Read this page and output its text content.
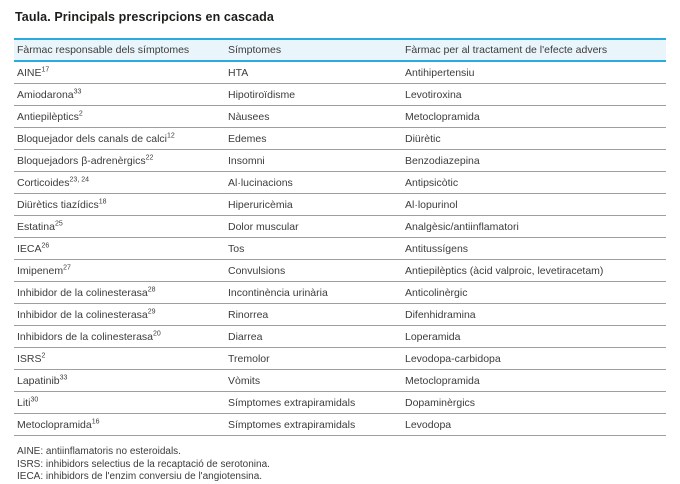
Taula. Principals prescripcions en cascada
Fàrmac responsable dels símptomes	Símptomes	Fàrmac per al tractament de l'efecte advers
AINE$^{17}$	HTA	Antihipertensiu
Amiodarona$^{33}$	Hipotiroïdisme	Levotiroxina
Antiepilèptics$^2$	Nàusees	Metoclopramida
Bloquejador dels canals de calci$^{12}$	Edemes	Diürètic
Bloquejadors β-adrenèrgics$^{22}$	Insomni	Benzodiazepina
Corticoides$^{23, 24}$	Al·lucinacions	Antipsicòtic
Diürètics tiazídics$^{18}$	Hiperuricèmia	Al·lopurinol
Estatina$^{25}$	Dolor muscular	Analgèsic/antiinflamatori
IECA$^{26}$	Tos	Antitussígens
Imipenem$^{27}$	Convulsions	Antiepilèptics (àcid valproic, levetiracetam)
Inhibidor de la colinesterasa$^{28}$	Incontinència urinària	Anticolinèrgic
Inhibidor de la colinesterasa$^{29}$	Rinorrea	Difenhidramina
Inhibidors de la colinesterasa$^{20}$	Diarrea	Loperamida
ISRS$^2$	Tremolor	Levodopa-carbidopa
Lapatinib$^{33}$	Vòmits	Metoclopramida
Liti$^{30}$	Símptomes extrapiramidals	Dopaminèrgics
Metoclopramida$^{16}$	Símptomes extrapiramidals	Levodopa
AINE: antiinflamatoris no esteroidals.
ISRS: inhibidors selectius de la recaptació de serotonina.
IECA: inhibidors de l'enzim conversiu de l'angiotensina.
